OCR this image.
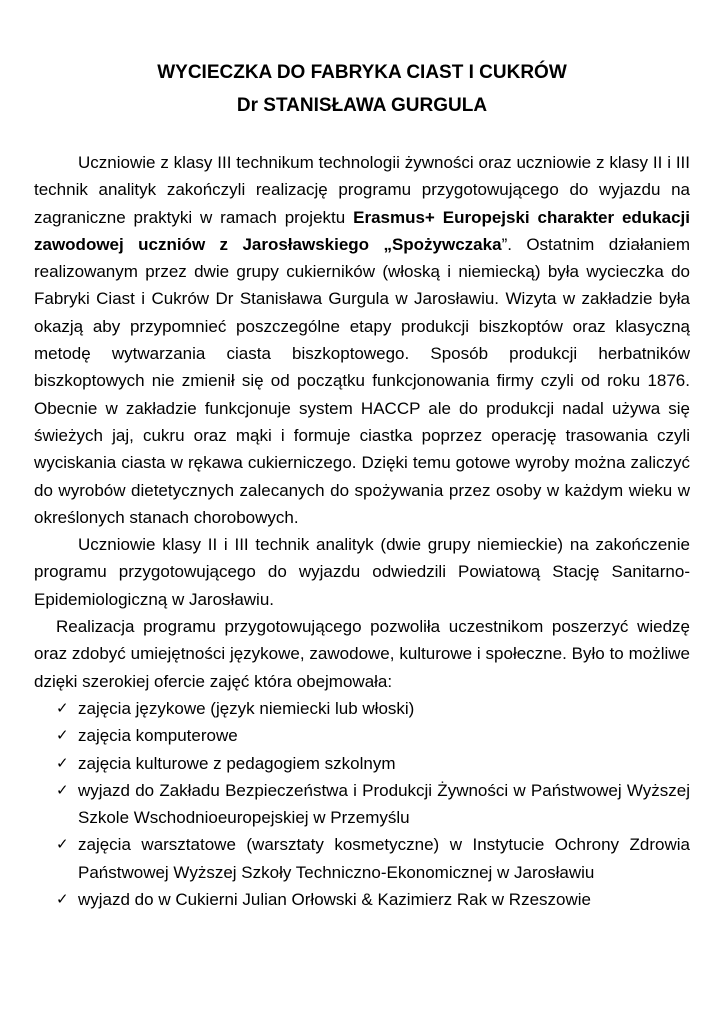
WYCIECZKA DO FABRYKA CIAST I CUKRÓW
Dr STANISŁAWA GURGULA

Uczniowie z klasy III technikum technologii żywności oraz uczniowie z klasy II i III technik analityk zakończyli realizację programu przygotowującego do wyjazdu na zagraniczne praktyki w ramach projektu Erasmus+ Europejski charakter edukacji zawodowej uczniów z Jarosławskiego „Spożywczaka”. Ostatnim działaniem realizowanym przez dwie grupy cukierników (włoską i niemiecką) była wycieczka do Fabryki Ciast i Cukrów Dr Stanisława Gurgula w Jarosławiu. Wizyta w zakładzie była okazją aby przypomnieć poszczególne etapy produkcji biszkoptów oraz klasyczną metodę wytwarzania ciasta biszkoptowego. Sposób produkcji herbatników biszkoptowych nie zmienił się od początku funkcjonowania firmy czyli od roku 1876. Obecnie w zakładzie funkcjonuje system HACCP ale do produkcji nadal używa się świeżych jaj, cukru oraz mąki i formuje ciastka poprzez operację trasowania czyli wyciskania ciasta w rękawa cukierniczego. Dzięki temu gotowe wyroby można zaliczyć do wyrobów dietetycznych zalecanych do spożywania przez osoby w każdym wieku w określonych stanach chorobowych.

Uczniowie klasy II i III technik analityk (dwie grupy niemieckie) na zakończenie programu przygotowującego do wyjazdu odwiedzili Powiatową Stację Sanitarno-Epidemiologiczną w Jarosławiu.

Realizacja programu przygotowującego pozwoliła uczestnikom poszerzyć wiedzę oraz zdobyć umiejętności językowe, zawodowe, kulturowe i społeczne. Było to możliwe dzięki szerokiej ofercie zajęć która obejmowała:

✓ zajęcia językowe (język niemiecki lub włoski)
✓ zajęcia komputerowe
✓ zajęcia kulturowe z pedagogiem szkolnym
✓ wyjazd do Zakładu Bezpieczeństwa i Produkcji Żywności w Państwowej Wyższej Szkole Wschodnioeuropejskiej w Przemyślu
✓ zajęcia warsztatowe (warsztaty kosmetyczne) w Instytucie Ochrony Zdrowia Państwowej Wyższej Szkoły Techniczno-Ekonomicznej w Jarosławiu
✓ wyjazd do w Cukierni Julian Orłowski & Kazimierz Rak w Rzeszowie
